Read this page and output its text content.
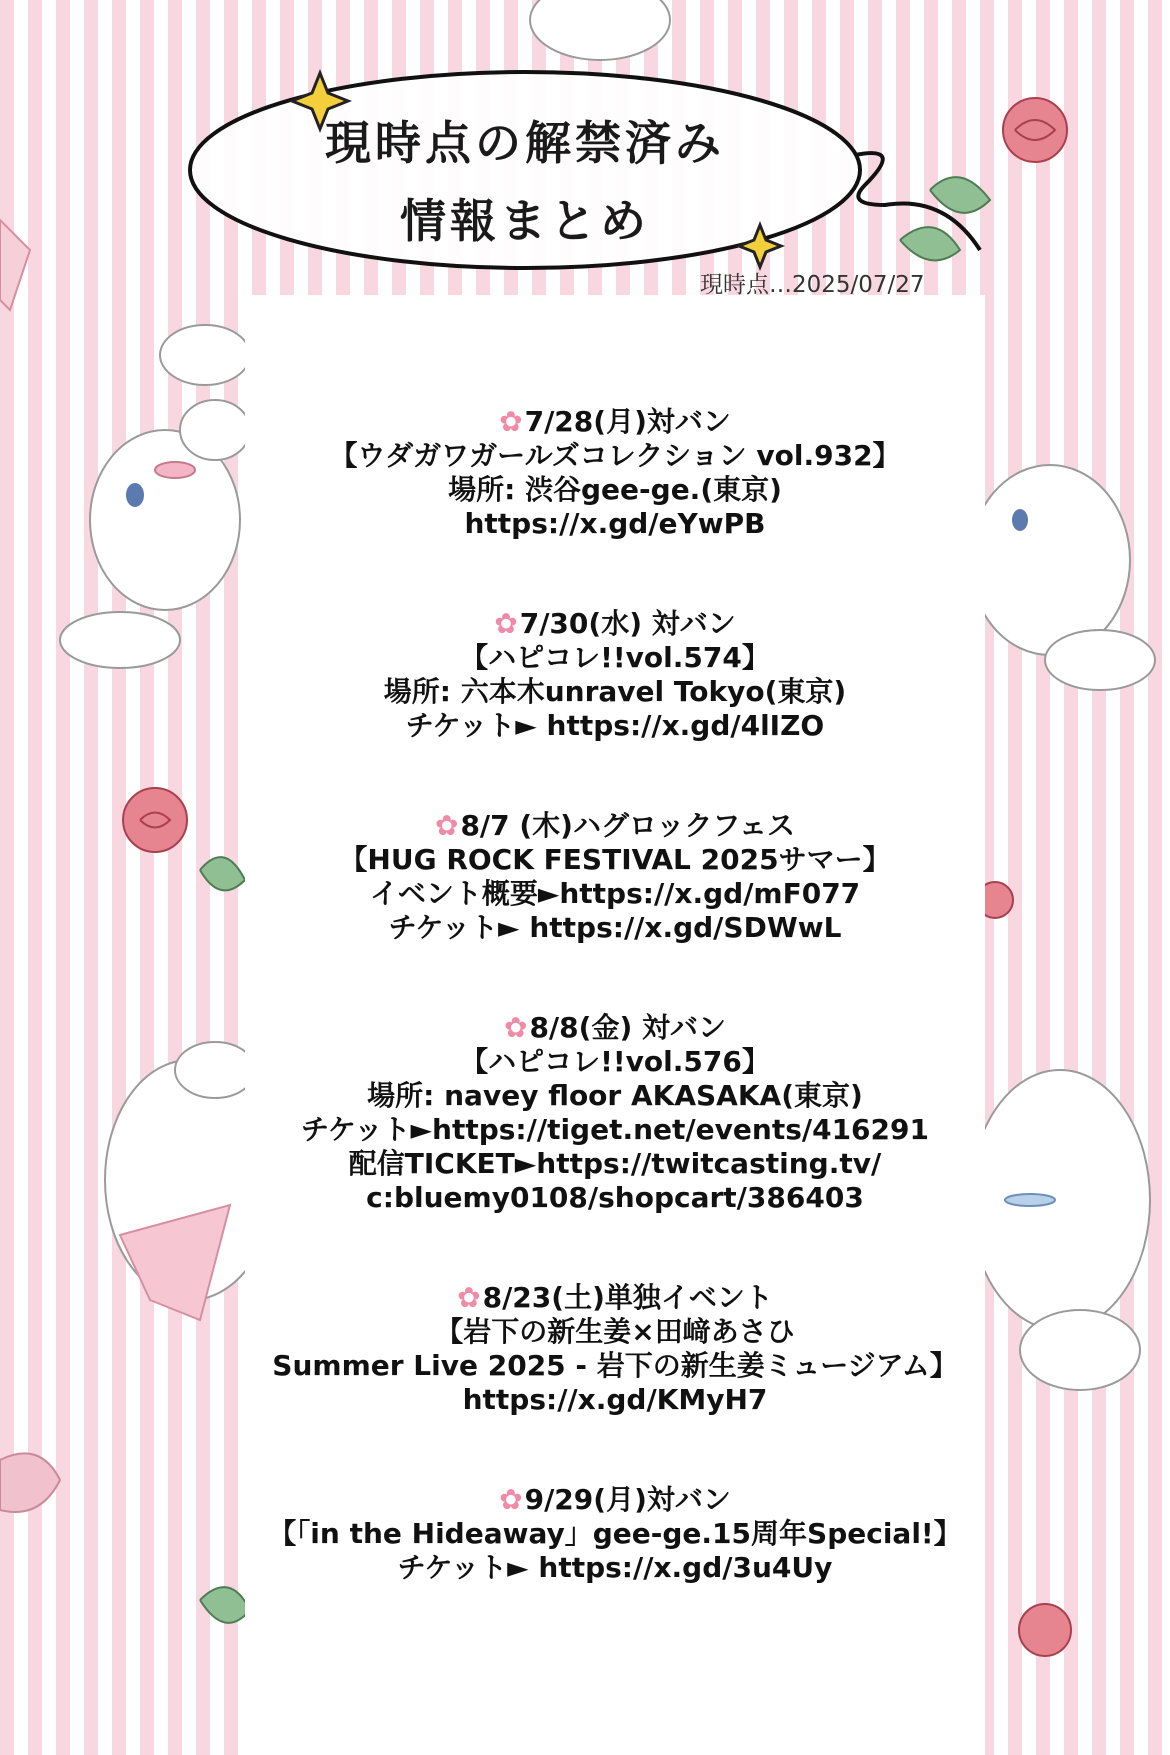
現時点の解禁済み
情報まとめ
現時点…2025/07/27
✿7/28(月)対バン
【ウダガワガールズコレクション vol.932】
場所: 渋谷gee-ge.(東京)
https://x.gd/eYwPB
✿7/30(水) 対バン
【ハピコレ!!vol.574】
場所: 六本木unravel Tokyo(東京)
チケット► https://x.gd/4lIZO
✿8/7 (木)ハグロックフェス
【HUG ROCK FESTIVAL 2025サマー】
イベント概要►https://x.gd/mF077
チケット► https://x.gd/SDWwL
✿8/8(金) 対バン
【ハピコレ!!vol.576】
場所: navey floor AKASAKA(東京)
チケット►https://tiget.net/events/416291
配信TICKET►https://twitcasting.tv/
c:bluemy0108/shopcart/386403
✿8/23(土)単独イベント
【岩下の新生姜×田﨑あさひ
Summer Live 2025 - 岩下の新生姜ミュージアム】
https://x.gd/KMyH7
✿9/29(月)対バン
【「in the Hideaway」gee-ge.15周年Special!】
チケット► https://x.gd/3u4Uy
